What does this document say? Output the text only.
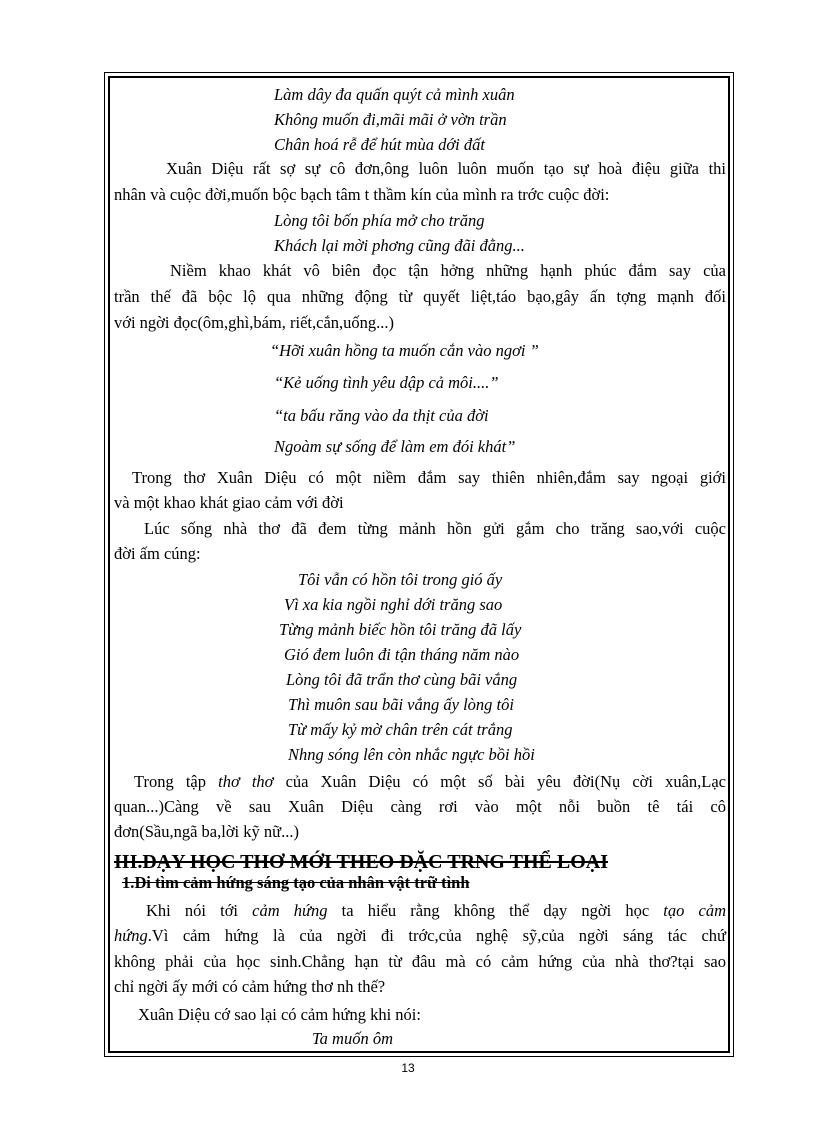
Làm dây đa quấn quýt cả mình xuân
Không muốn đi,mãi mãi ở vờn trần
Chân hoá rễ để hút mùa dới đất
Xuân Diệu rất sợ sự cô đơn,ông luôn luôn muốn tạo sự hoà điệu giữa thi
nhân và cuộc đời,muốn bộc bạch tâm t thầm kín của mình ra trớc cuộc đời:
Lòng tôi bốn phía mở cho trăng
Khách lại mời phơng cũng đãi đằng...
Niềm khao khát vô biên đọc tận hởng những hạnh phúc đắm say của
trần thế đã bộc lộ qua những động từ quyết liệt,táo bạo,gây ấn tợng mạnh đối
với ngời đọc(ôm,ghì,bám, riết,cắn,uống...)
“Hỡi xuân hồng ta muốn cắn vào ngơi ”
“Kẻ uống tình yêu dập cả môi....”
“ta bấu răng vào da thịt của đời
Ngoàm sự sống để làm em đói khát”
Trong thơ Xuân Diệu có một niềm đắm say thiên nhiên,đắm say ngoại giới
và một khao khát giao cảm với đời
Lúc sống nhà thơ đã đem từng mảnh hồn gửi gắm cho trăng sao,với cuộc
đời ấm cúng:
Tôi vẫn có hồn tôi trong gió ấy
Vì xa kia ngồi nghỉ dới trăng sao
Từng mảnh biếc hồn tôi trăng đã lấy
Gió đem luôn đi tận tháng năm nào
Lòng tôi đã trẩn thơ cùng bãi vắng
Thì muôn sau bãi vắng ấy lòng tôi
Từ mấy kỷ mờ chân trên cát trắng
Nhng sóng lên còn nhắc ngực bồi hồi
Trong tập thơ thơ của Xuân Diệu có một số bài yêu đời(Nụ cời xuân,Lạc
quan...)Càng về sau Xuân Diệu càng rơi vào một nỗi buồn tê tái cô
đơn(Sầu,ngã ba,lời kỹ nữ...)
III.DẠY HỌC THƠ MỚI THEO ĐẶC TRNG THỂ LOẠI
1.Đi tìm cảm hứng sáng tạo của nhân vật trữ tình
Khi nói tới cảm hứng ta hiểu rằng không thể dạy ngời học tạo cảm
hứng.Vì cảm hứng là của ngời đi trớc,của nghệ sỹ,của ngời sáng tác chứ
không phải của học sinh.Chẳng hạn từ đâu mà có cảm hứng của nhà thơ?tại sao
chỉ ngời ấy mới có cảm hứng thơ nh thế?
Xuân Diệu cớ sao lại có cảm hứng khi nói:
Ta muốn ôm
13
